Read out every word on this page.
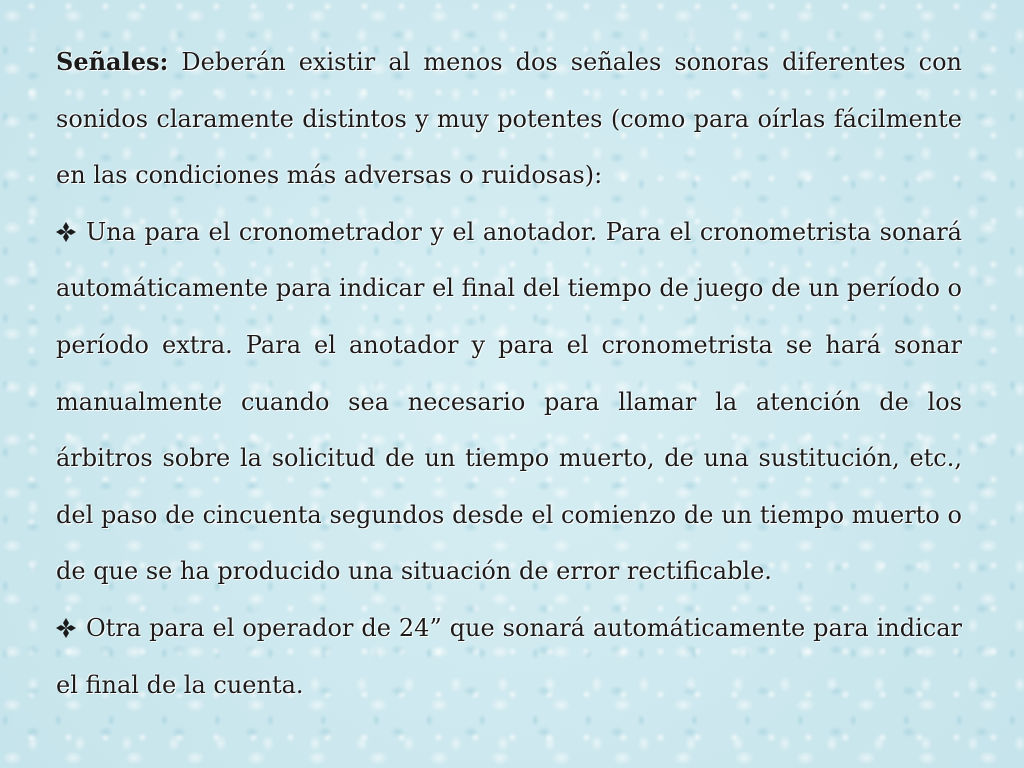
Señales: Deberán existir al menos dos señales sonoras diferentes con sonidos claramente distintos y muy potentes (como para oírlas fácilmente en las condiciones más adversas o ruidosas):

Una para el cronometrador y el anotador. Para el cronometrista sonará automáticamente para indicar el final del tiempo de juego de un período o período extra. Para el anotador y para el cronometrista se hará sonar manualmente cuando sea necesario para llamar la atención de los árbitros sobre la solicitud de un tiempo muerto, de una sustitución, etc., del paso de cincuenta segundos desde el comienzo de un tiempo muerto o de que se ha producido una situación de error rectificable.

Otra para el operador de 24” que sonará automáticamente para indicar el final de la cuenta.
